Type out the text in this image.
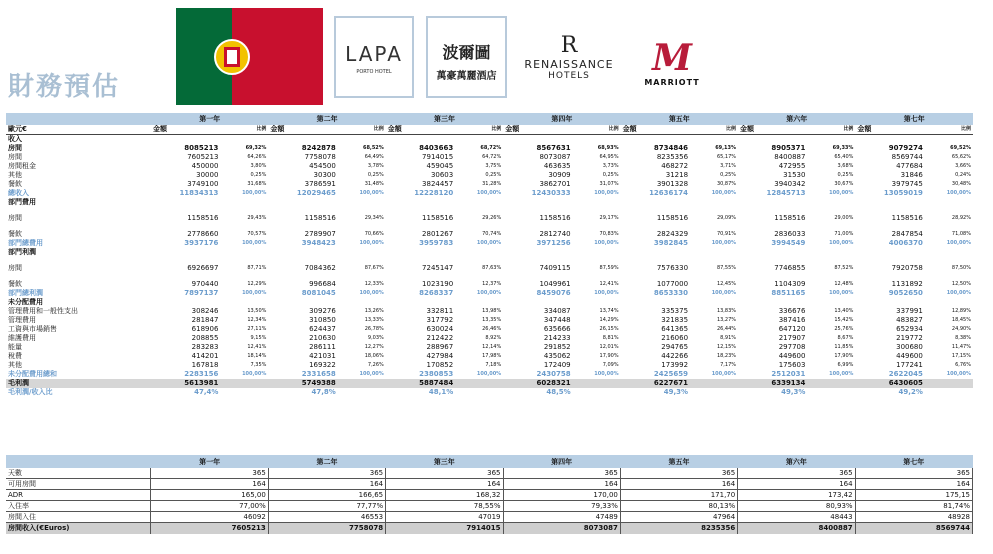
財務預估
LAPA
PORTO HOTEL
波爾圖
萬豪萬麗酒店
R
RENAISSANCE
HOTELS	M
MARRIOTT
	第一年		第二年		第三年		第四年		第五年		第六年		第七年	
歐元€	金額	比例	金額	比例	金額	比例	金額	比例	金額	比例	金額	比例	金額	比例
收入														
房間	8085213	69,32%	8242878	68,52%	8403663	68,72%	8567631	68,93%	8734846	69,13%	8905371	69,33%	9079274	69,52%
房間	7605213	64,26%	7758078	64,49%	7914015	64,72%	8073087	64,95%	8235356	65,17%	8400887	65,40%	8569744	65,62%
房間租金	450000	3,80%	454500	3,78%	459045	3,75%	463635	3,73%	468272	3,71%	472955	3,68%	477684	3,66%
其他	30000	0,25%	30300	0,25%	30603	0,25%	30909	0,25%	31218	0,25%	31530	0,25%	31846	0,24%
餐飲	3749100	31,68%	3786591	31,48%	3824457	31,28%	3862701	31,07%	3901328	30,87%	3940342	30,67%	3979745	30,48%
總收入	11834313	100,00%	12029465	100,00%	12228120	100,00%	12430333	100,00%	12636174	100,00%	12845713	100,00%	13059019	100,00%
部門費用														

房間	1158516	29,43%	1158516	29,34%	1158516	29,26%	1158516	29,17%	1158516	29,09%	1158516	29,00%	1158516	28,92%

餐飲	2778660	70,57%	2789907	70,66%	2801267	70,74%	2812740	70,83%	2824329	70,91%	2836033	71,00%	2847854	71,08%
部門總費用	3937176	100,00%	3948423	100,00%	3959783	100,00%	3971256	100,00%	3982845	100,00%	3994549	100,00%	4006370	100,00%
部門利潤														

房間	6926697	87,71%	7084362	87,67%	7245147	87,63%	7409115	87,59%	7576330	87,55%	7746855	87,52%	7920758	87,50%

餐飲	970440	12,29%	996684	12,33%	1023190	12,37%	1049961	12,41%	1077000	12,45%	1104309	12,48%	1131892	12,50%
部門總利潤	7897137	100,00%	8081045	100,00%	8268337	100,00%	8459076	100,00%	8653330	100,00%	8851165	100,00%	9052650	100,00%
未分配費用														
管理費用和一般性支出	308246	13,50%	309276	13,26%	332811	13,98%	334087	13,74%	335375	13,83%	336676	13,40%	337991	12,89%
管理費用	281847	12,34%	310850	13,33%	317792	13,35%	347448	14,29%	321835	13,27%	387416	15,42%	483827	18,45%
工資與市場銷售	618906	27,11%	624437	26,78%	630024	26,46%	635666	26,15%	641365	26,44%	647120	25,76%	652934	24,90%
維護費用	208855	9,15%	210630	9,03%	212422	8,92%	214233	8,81%	216060	8,91%	217907	8,67%	219772	8,38%
能量	283283	12,41%	286111	12,27%	288967	12,14%	291852	12,01%	294765	12,15%	297708	11,85%	300680	11,47%
稅費	414201	18,14%	421031	18,06%	427984	17,98%	435062	17,90%	442266	18,23%	449600	17,90%	449600	17,15%
其他	167818	7,35%	169322	7,26%	170852	7,18%	172409	7,09%	173992	7,17%	175603	6,99%	177241	6,76%
未分配費用總和	2283156	100,00%	2331658	100,00%	2380853	100,00%	2430758	100,00%	2425659	100,00%	2512031	100,00%	2622045	100,00%
毛利潤	5613981		5749388		5887484		6028321		6227671		6339134		6430605	
毛利潤/收入比	47,4%		47,8%		48,1%		48,5%		49,3%		49,3%		49,2%	
	第一年	第二年	第三年	第四年	第五年	第六年	第七年
天數	365	365	365	365	365	365	365
可用房間	164	164	164	164	164	164	164
ADR	165,00	166,65	168,32	170,00	171,70	173,42	175,15
入住率	77,00%	77,77%	78,55%	79,33%	80,13%	80,93%	81,74%
房間入住	46092	46553	47019	47489	47964	48443	48928
房間收入(€Euros)	7605213	7758078	7914015	8073087	8235356	8400887	8569744
